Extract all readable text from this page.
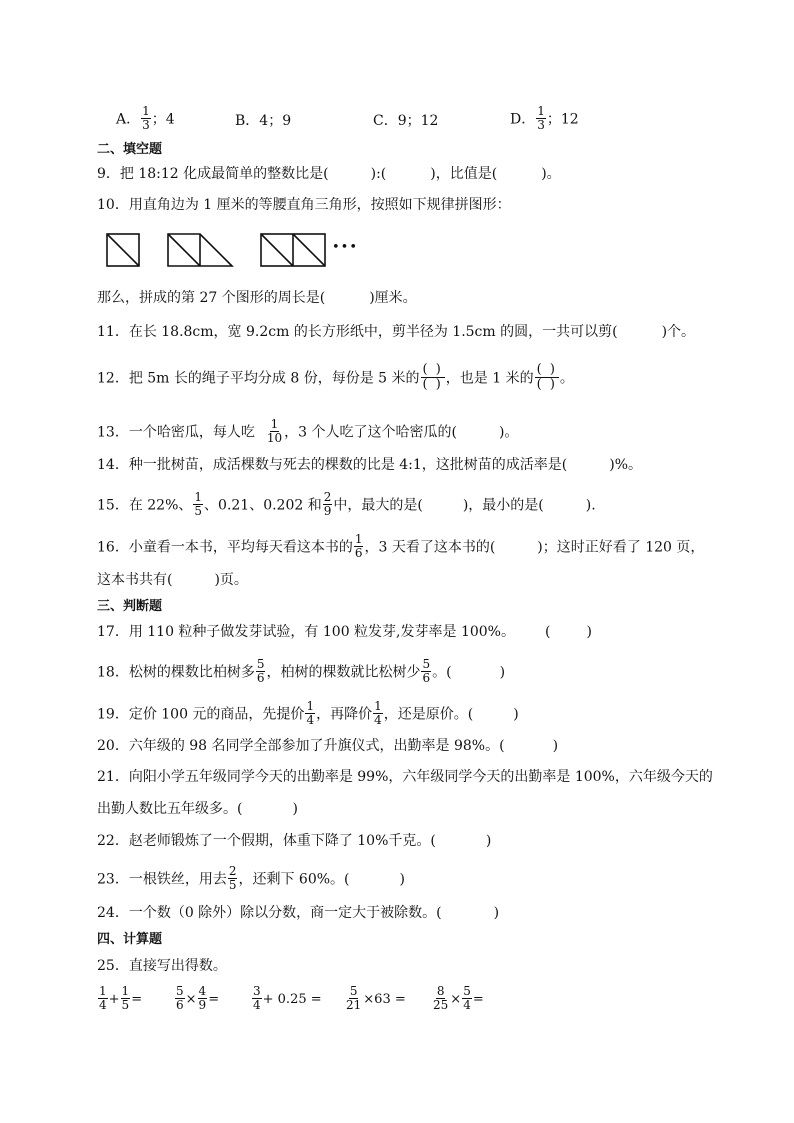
A． $\frac{1}{3}$ ；4	B．4；9	C．9；12	D． $\frac{1}{3}$ ；12
二、填空题
9．把 18:12 化成最简单的整数比是(	):(	)，比值是(	)。
10．用直角边为 1 厘米的等腰直角三角形，按照如下规律拼图形：
•••
那么，拼成的第 27 个图形的周长是(	)厘米。
11．在长 18.8cm，宽 9.2cm 的长方形纸中，剪半径为 1.5cm 的圆，一共可以剪(	)个。
12．把 5m 长的绳子平均分成 8 份，每份是 5 米的 $\frac{( )}{( )}$ ，也是 1 米的 $\frac{( )}{( )}$ 。
13．一个哈密瓜，每人吃 $\frac{1}{10}$ ，3 个人吃了这个哈密瓜的(	)。
14．种一批树苗，成活棵数与死去的棵数的比是 4:1，这批树苗的成活率是(	)%。
15．在 22%、 $\frac{1}{5}$ 、0.21、0.202 和 $\frac{2}{9}$ 中，最大的是(	)，最小的是(	).
16．小童看一本书，平均每天看这本书的 $\frac{1}{6}$ ，3 天看了这本书的(	)；这时正好看了 120 页，
这本书共有(	)页。
三、判断题
17．用 110 粒种子做发芽试验，有 100 粒发芽,发芽率是 100%。 (	)
18．松树的棵数比柏树多 $\frac{5}{6}$ ，柏树的棵数就比松树少 $\frac{5}{6}$ 。(	)
19．定价 100 元的商品，先提价 $\frac{1}{4}$ ，再降价 $\frac{1}{4}$ ，还是原价。(	)
20．六年级的 98 名同学全部参加了升旗仪式，出勤率是 98%。(	)
21．向阳小学五年级同学今天的出勤率是 99%，六年级同学今天的出勤率是 100%，六年级今天的
出勤人数比五年级多。(	)
22．赵老师锻炼了一个假期，体重下降了 10%千克。(	)
23．一根铁丝，用去 $\frac{2}{5}$ ，还剩下 60%。(	)
24．一个数（0 除外）除以分数，商一定大于被除数。(	)
四、计算题
25．直接写出得数。
$\frac{1}{4} + \frac{1}{5}$ =	$\frac{5}{6} \times \frac{4}{9}$ =	$\frac{3}{4} + 0.25 = \frac{5}{21} \times 63 = \frac{8}{25} \times \frac{5}{4}$ =
